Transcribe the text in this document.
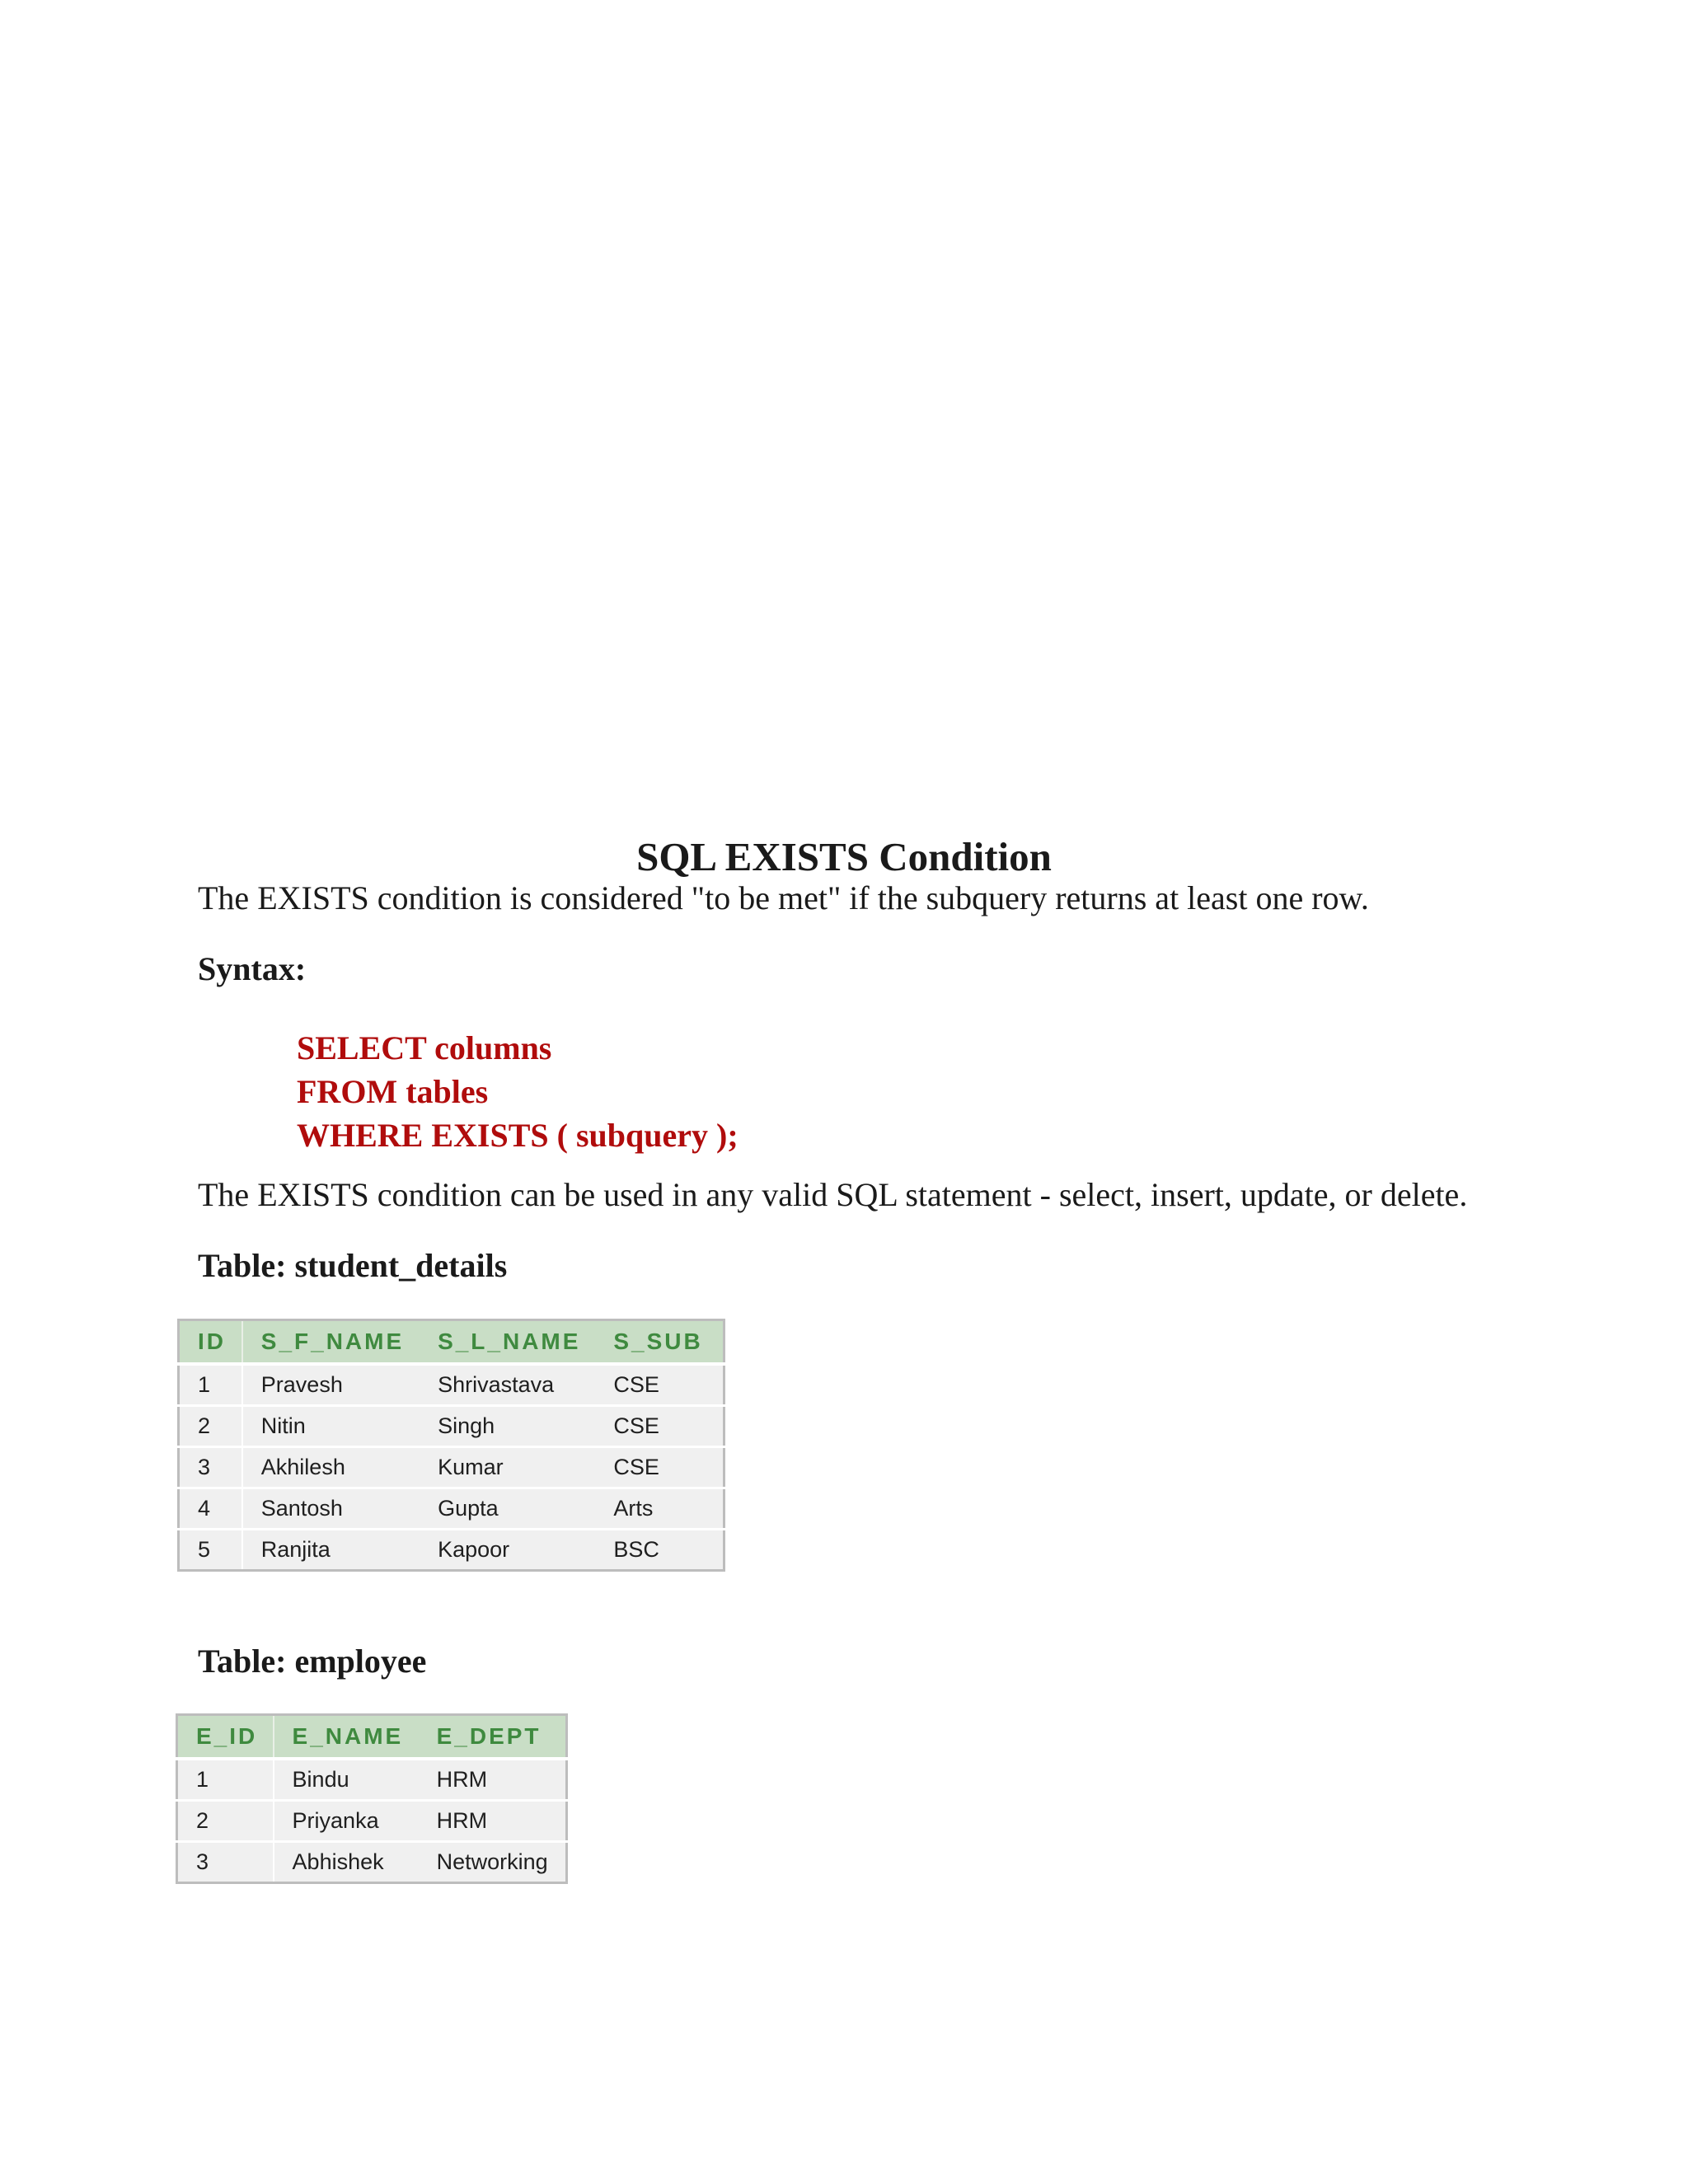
SQL EXISTS Condition
The EXISTS condition is considered "to be met" if the subquery returns at least one row.
Syntax:
SELECT columns
FROM tables
WHERE EXISTS ( subquery );
The EXISTS condition can be used in any valid SQL statement - select, insert, update, or delete.
Table: student_details
ID	S_F_NAME	S_L_NAME	S_SUB
1	Pravesh	Shrivastava	CSE
2	Nitin	Singh	CSE
3	Akhilesh	Kumar	CSE
4	Santosh	Gupta	Arts
5	Ranjita	Kapoor	BSC
Table: employee
E_ID	E_NAME	E_DEPT
1	Bindu	HRM
2	Priyanka	HRM
3	Abhishek	Networking
